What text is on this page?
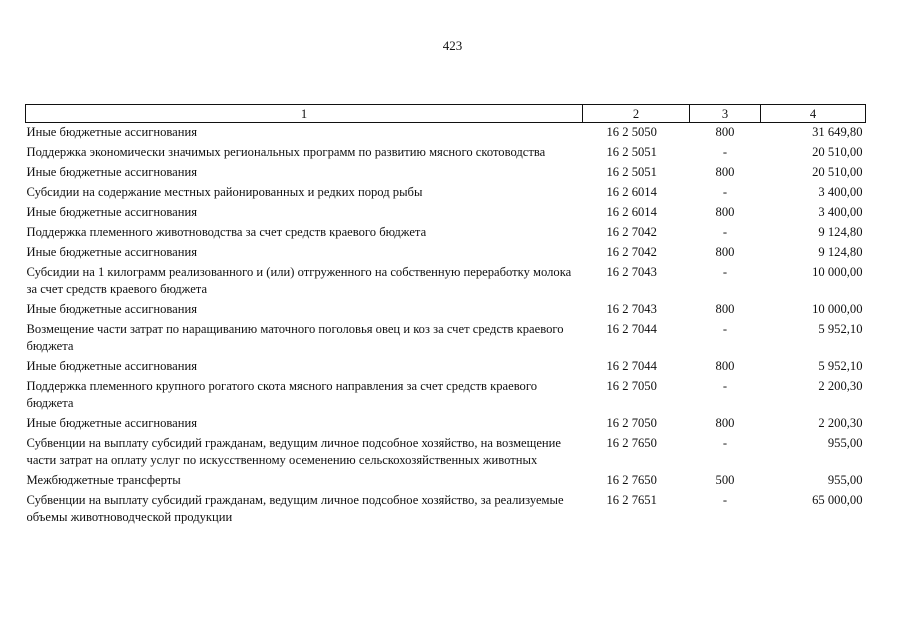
423
1	2	3	4
Иные бюджетные ассигнования	16 2 5050	800	31 649,80
Поддержка экономически значимых региональных программ по развитию мясного скотоводства	16 2 5051	-	20 510,00
Иные бюджетные ассигнования	16 2 5051	800	20 510,00
Субсидии на содержание местных районированных и редких пород рыбы	16 2 6014	-	3 400,00
Иные бюджетные ассигнования	16 2 6014	800	3 400,00
Поддержка племенного животноводства за счет средств краевого бюджета	16 2 7042	-	9 124,80
Иные бюджетные ассигнования	16 2 7042	800	9 124,80
Субсидии на 1 килограмм реализованного и (или) отгруженного на собственную переработку молока за счет средств краевого бюджета	16 2 7043	-	10 000,00
Иные бюджетные ассигнования	16 2 7043	800	10 000,00
Возмещение части затрат по наращиванию маточного поголовья овец и коз за счет средств краевого бюджета	16 2 7044	-	5 952,10
Иные бюджетные ассигнования	16 2 7044	800	5 952,10
Поддержка племенного крупного рогатого скота мясного направления за счет средств краевого бюджета	16 2 7050	-	2 200,30
Иные бюджетные ассигнования	16 2 7050	800	2 200,30
Субвенции на выплату субсидий гражданам, ведущим личное подсобное хозяйство, на возмещение части затрат на оплату услуг по искусственному осеменению сельскохозяйственных животных	16 2 7650	-	955,00
Межбюджетные трансферты	16 2 7650	500	955,00
Субвенции на выплату субсидий гражданам, ведущим личное подсобное хозяйство, за реализуемые объемы животноводческой продукции	16 2 7651	-	65 000,00
